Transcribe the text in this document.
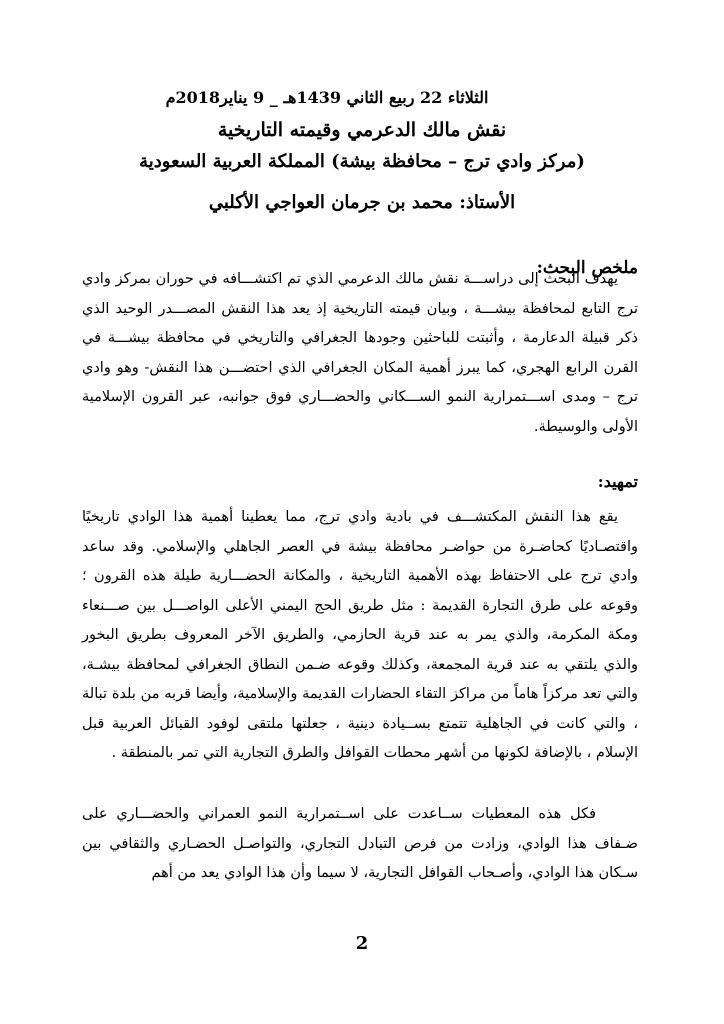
الثلاثاء 22 ربيع الثاني 1439هـ _ 9 يناير2018م
نقش مالك الدعرمي وقيمته التاريخية
(مركز وادي ترج – محافظة بيشة) المملكة العربية السعودية
الأستاذ: محمد بن جرمان العواجي الأكلبي
ملخص البحث:
يهدف البحث إلى دراســـة نقش مالك الدعرمي الذي تم اكتشـــافه في حوران بمركز وادي ترج التابع لمحافظة بيشـــة ، وبيان قيمته التاريخية إذ يعد هذا النقش المصـــدر الوحيد الذي ذكر قبيلة الدعارمة ، وأثبتت للباحثين وجودها الجغرافي والتاريخي في محافظة بيشـــة في القرن الرابع الهجري، كما يبرز أهمية المكان الجغرافي الذي احتضـــن هذا النقش- وهو وادي ترج – ومدى اســـتمرارية النمو الســـكاني والحضـــاري فوق جوانبه، عبر القرون الإسلامية الأولى والوسيطة.
تمهيد:
يقع هذا النقش المكتشـــف في بادية وادي ترج، مما يعطينا أهمية هذا الوادي تاريخيًا واقتصـاديًا كحاضـرة من حواضـر محافظة بيشة في العصر الجاهلي والإسلامي. وقد ساعد وادي ترج على الاحتفاظ بهذه الأهمية التاريخية ، والمكانة الحضـــارية طيلة هذه القرون ؛ وقوعه على طرق التجارة القديمة : مثل طريق الحج اليمني الأعلى الواصـــل بين صـــنعاء ومكة المكرمة، والذي يمر به عند قرية الحازمي، والطريق الآخر المعروف بطريق البخور والذي يلتقي به عند قرية المجمعة، وكذلك وقوعه ضـمن النطاق الجغرافي لمحافظة بيشـة، والتي تعد مركزاً هاماً من مراكز التقاء الحضارات القديمة والإسلامية، وأيضا قربه من بلدة تبالة ، والتي كانت في الجاهلية تتمتع بســيادة دينية ، جعلتها ملتقى لوفود القبائل العربية قبل الإسلام ، بالإضافة لكونها من أشهر محطات القوافل والطرق التجارية التي تمر بالمنطقة .
فكل هذه المعطيات ســاعدت على اســتمرارية النمو العمراني والحضـــاري على ضـفاف هذا الوادي، وزادت من فرص التبادل التجاري، والتواصـل الحضـاري والثقافي بين سـكان هذا الوادي، وأصـحاب القوافل التجارية، لا سيما وأن هذا الوادي يعد من أهم
2
